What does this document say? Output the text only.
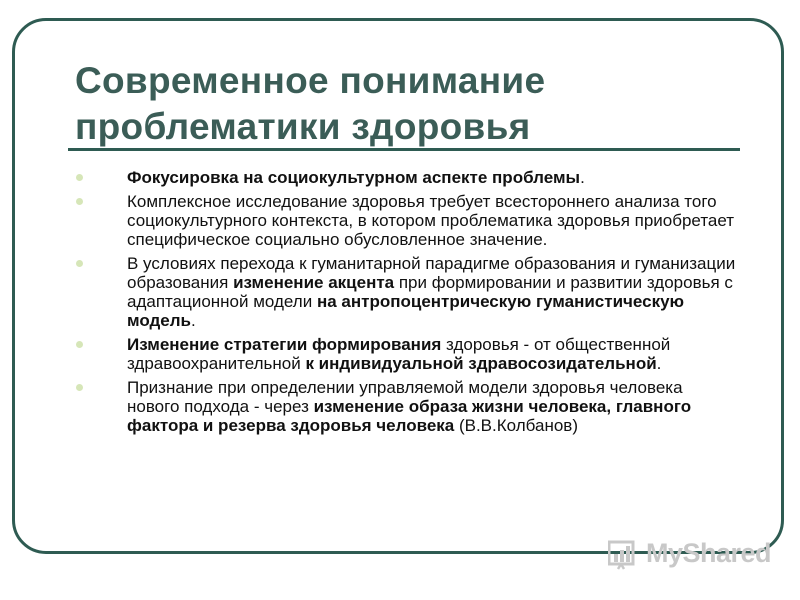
Современное понимание
проблематики здоровья
Фокусировка на социокультурном аспекте проблемы.
Комплексное исследование здоровья требует всестороннего анализа того социокультурного контекста, в котором проблематика здоровья приобретает специфическое социально обусловленное значение.
В условиях перехода к гуманитарной парадигме образования и гуманизации образования изменение акцента при формировании и развитии здоровья с адаптационной модели на антропоцентрическую гуманистическую модель.
Изменение стратегии формирования здоровья - от общественной здравоохранительной к индивидуальной здравосозидательной.
Признание при определении управляемой модели здоровья человека нового подхода - через изменение образа жизни человека, главного фактора и резерва здоровья человека (В.В.Колбанов)
MyShared
